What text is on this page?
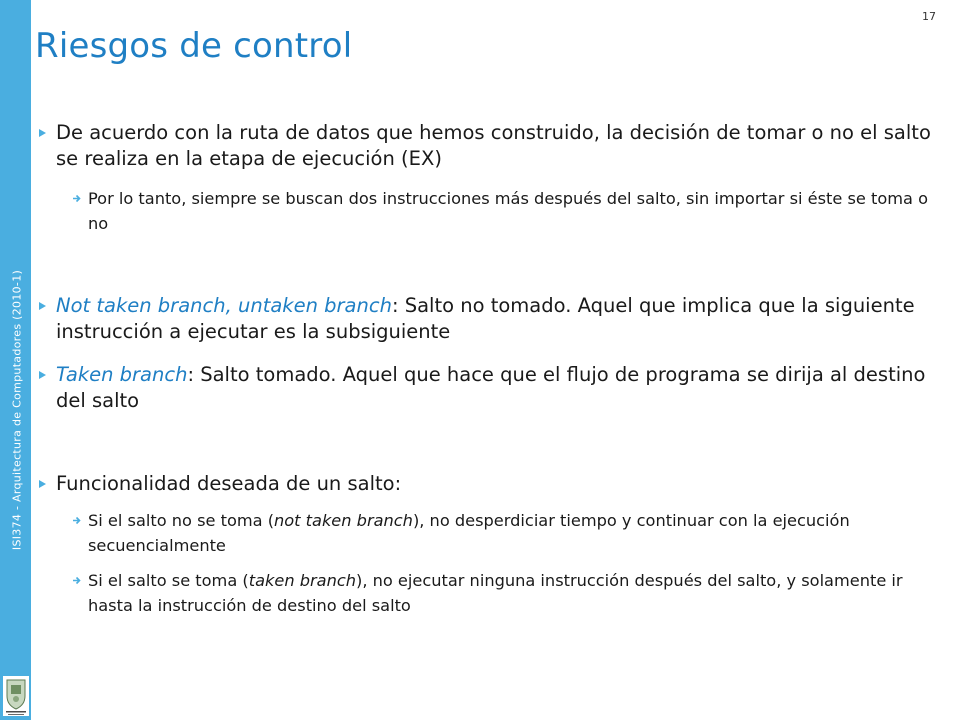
ISI374 - Arquitectura de Computadores (2010-1)
17
Riesgos de control
De acuerdo con la ruta de datos que hemos construido, la decisión de tomar o no el salto se realiza en la etapa de ejecución (EX)
Por lo tanto, siempre se buscan dos instrucciones más después del salto, sin importar si éste se toma o no
Not taken branch, untaken branch: Salto no tomado. Aquel que implica que la siguiente instrucción a ejecutar es la subsiguiente
Taken branch: Salto tomado. Aquel que hace que el flujo de programa se dirija al destino del salto
Funcionalidad deseada de un salto:
Si el salto no se toma (not taken branch), no desperdiciar tiempo y continuar con la ejecución secuencialmente
Si el salto se toma (taken branch), no ejecutar ninguna instrucción después del salto, y solamente ir hasta la instrucción de destino del salto
